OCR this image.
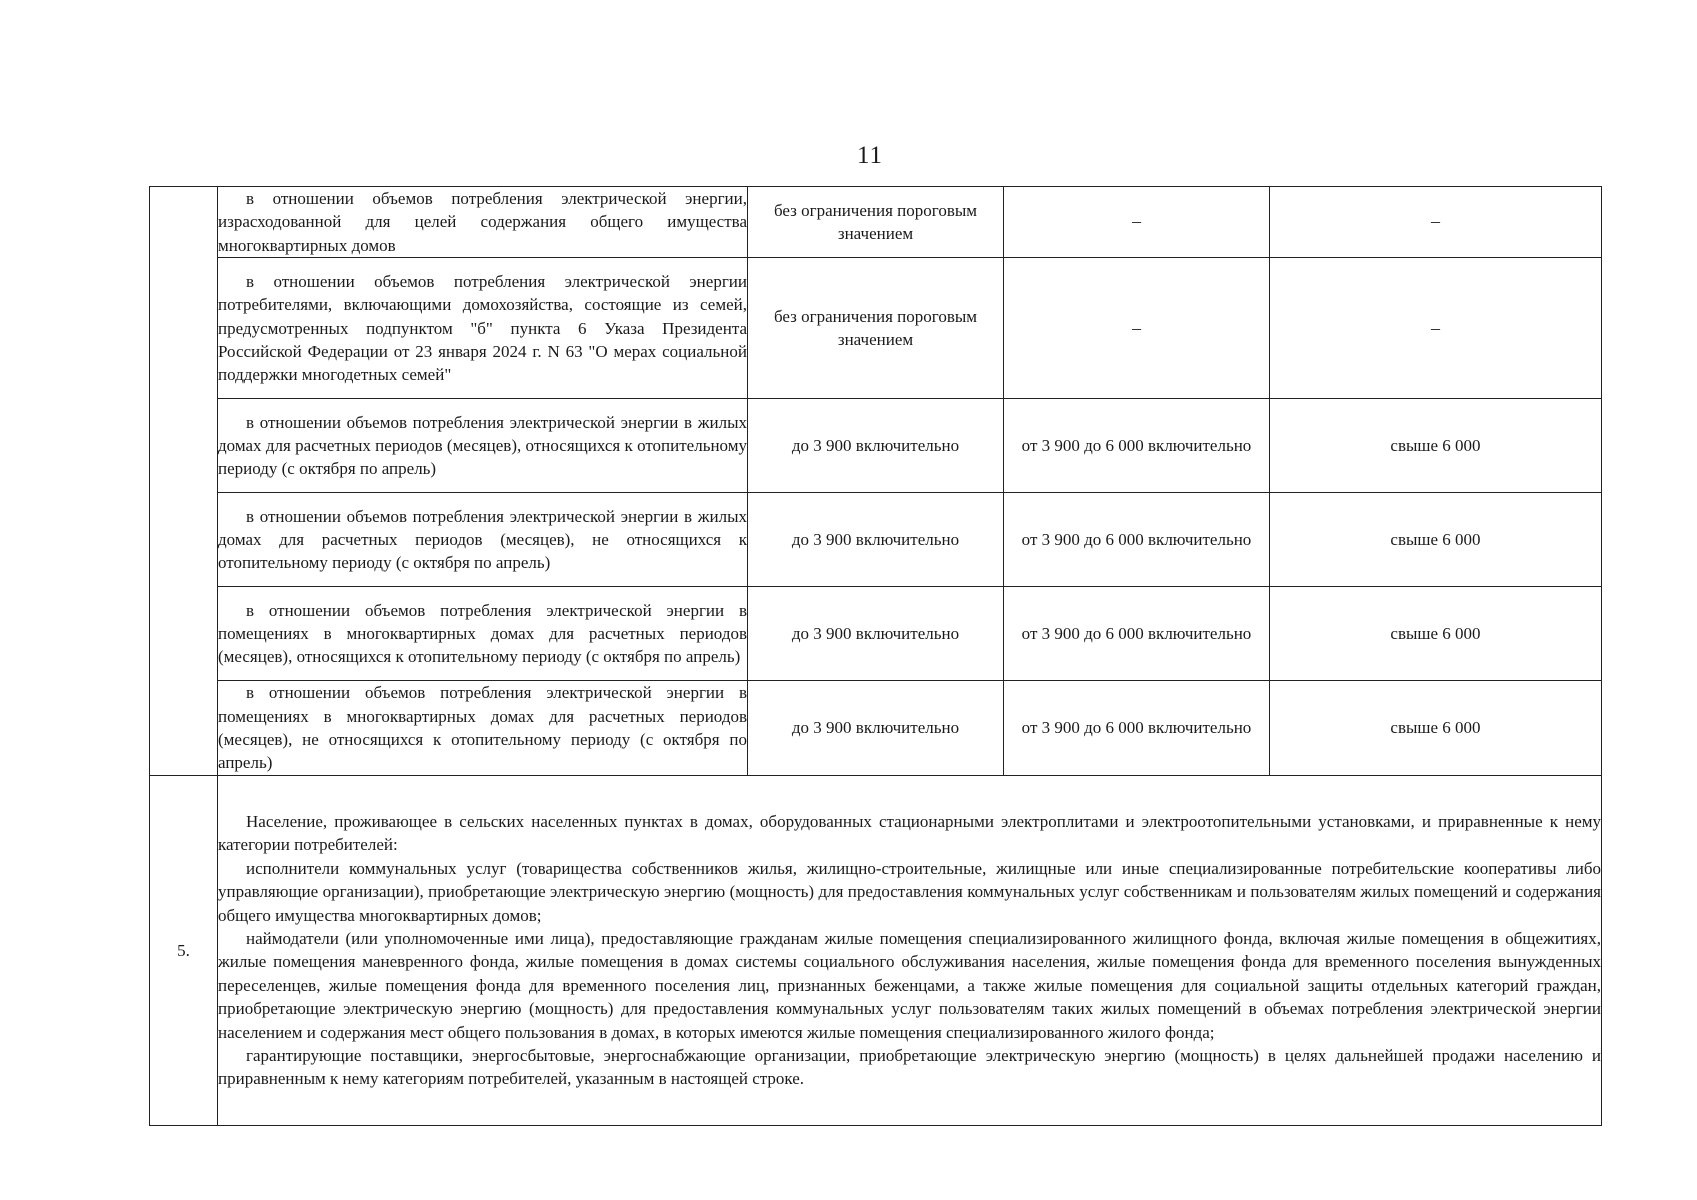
11
	в отношении объемов потребления электрической энергии, израсходованной для целей содержания общего имущества многоквартирных домов	без ограничения пороговым значением	–	–
	в отношении объемов потребления электрической энергии потребителями, включающими домохозяйства, состоящие из семей, предусмотренных подпунктом "б" пункта 6 Указа Президента Российской Федерации от 23 января 2024 г. N 63 "О мерах социальной поддержки многодетных семей"	без ограничения пороговым значением	–	–
	в отношении объемов потребления электрической энергии в жилых домах для расчетных периодов (месяцев), относящихся к отопительному периоду (с октября по апрель)	до 3 900 включительно	от 3 900 до 6 000 включительно	свыше 6 000
	в отношении объемов потребления электрической энергии в жилых домах для расчетных периодов (месяцев), не относящихся к отопительному периоду (с октября по апрель)	до 3 900 включительно	от 3 900 до 6 000 включительно	свыше 6 000
	в отношении объемов потребления электрической энергии в помещениях в многоквартирных домах для расчетных периодов (месяцев), относящихся к отопительному периоду (с октября по апрель)	до 3 900 включительно	от 3 900 до 6 000 включительно	свыше 6 000
	в отношении объемов потребления электрической энергии в помещениях в многоквартирных домах для расчетных периодов (месяцев), не относящихся к отопительному периоду (с октября по апрель)	до 3 900 включительно	от 3 900 до 6 000 включительно	свыше 6 000
5.	Население, проживающее в сельских населенных пунктах в домах, оборудованных стационарными электроплитами и электроотопительными установками, и приравненные к нему категории потребителей:

исполнители коммунальных услуг (товарищества собственников жилья, жилищно-строительные, жилищные или иные специализированные потребительские кооперативы либо управляющие организации), приобретающие электрическую энергию (мощность) для предоставления коммунальных услуг собственникам и пользователям жилых помещений и содержания общего имущества многоквартирных домов;

наймодатели (или уполномоченные ими лица), предоставляющие гражданам жилые помещения специализированного жилищного фонда, включая жилые помещения в общежитиях, жилые помещения маневренного фонда, жилые помещения в домах системы социального обслуживания населения, жилые помещения фонда для временного поселения вынужденных переселенцев, жилые помещения фонда для временного поселения лиц, признанных беженцами, а также жилые помещения для социальной защиты отдельных категорий граждан, приобретающие электрическую энергию (мощность) для предоставления коммунальных услуг пользователям таких жилых помещений в объемах потребления электрической энергии населением и содержания мест общего пользования в домах, в которых имеются жилые помещения специализированного жилого фонда;

гарантирующие поставщики, энергосбытовые, энергоснабжающие организации, приобретающие электрическую энергию (мощность) в целях дальнейшей продажи населению и приравненным к нему категориям потребителей, указанным в настоящей строке.			
